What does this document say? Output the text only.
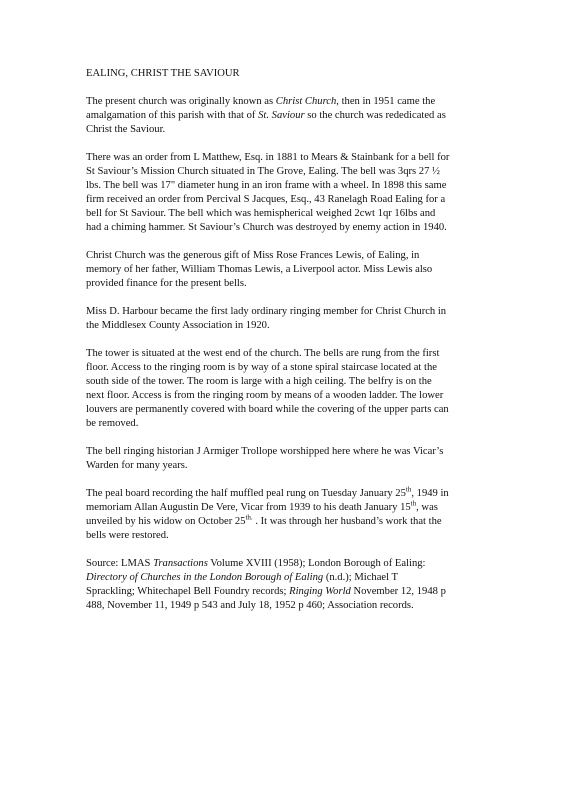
EALING, CHRIST THE SAVIOUR
The present church was originally known as Christ Church, then in 1951 came the
amalgamation of this parish with that of St. Saviour so the church was rededicated as
Christ the Saviour.
There was an order from L Matthew, Esq. in 1881 to Mears & Stainbank for a bell for
St Saviour’s Mission Church situated in The Grove, Ealing. The bell was 3qrs 27 ½
lbs. The bell was 17" diameter hung in an iron frame with a wheel. In 1898 this same
firm received an order from Percival S Jacques, Esq., 43 Ranelagh Road Ealing for a
bell for St Saviour. The bell which was hemispherical weighed 2cwt 1qr 16lbs and
had a chiming hammer. St Saviour’s Church was destroyed by enemy action in 1940.
Christ Church was the generous gift of Miss Rose Frances Lewis, of Ealing, in
memory of her father, William Thomas Lewis, a Liverpool actor. Miss Lewis also
provided finance for the present bells.
Miss D. Harbour became the first lady ordinary ringing member for Christ Church in
the Middlesex County Association in 1920.
The tower is situated at the west end of the church. The bells are rung from the first
floor. Access to the ringing room is by way of a stone spiral staircase located at the
south side of the tower. The room is large with a high ceiling. The belfry is on the
next floor. Access is from the ringing room by means of a wooden ladder. The lower
louvers are permanently covered with board while the covering of the upper parts can
be removed.
The bell ringing historian J Armiger Trollope worshipped here where he was Vicar’s
Warden for many years.
The peal board recording the half muffled peal rung on Tuesday January 25th, 1949 in
memoriam Allan Augustin De Vere, Vicar from 1939 to his death January 15th, was
unveiled by his widow on October $25^{th.}$ . It was through her husband’s work that the
bells were restored.
Source: LMAS Transactions Volume XVIII (1958); London Borough of Ealing:
Directory of Churches in the London Borough of Ealing (n.d.); Michael T
Sprackling; Whitechapel Bell Foundry records; Ringing World November 12, 1948 p
488, November 11, 1949 p 543 and July 18, 1952 p 460; Association records.
